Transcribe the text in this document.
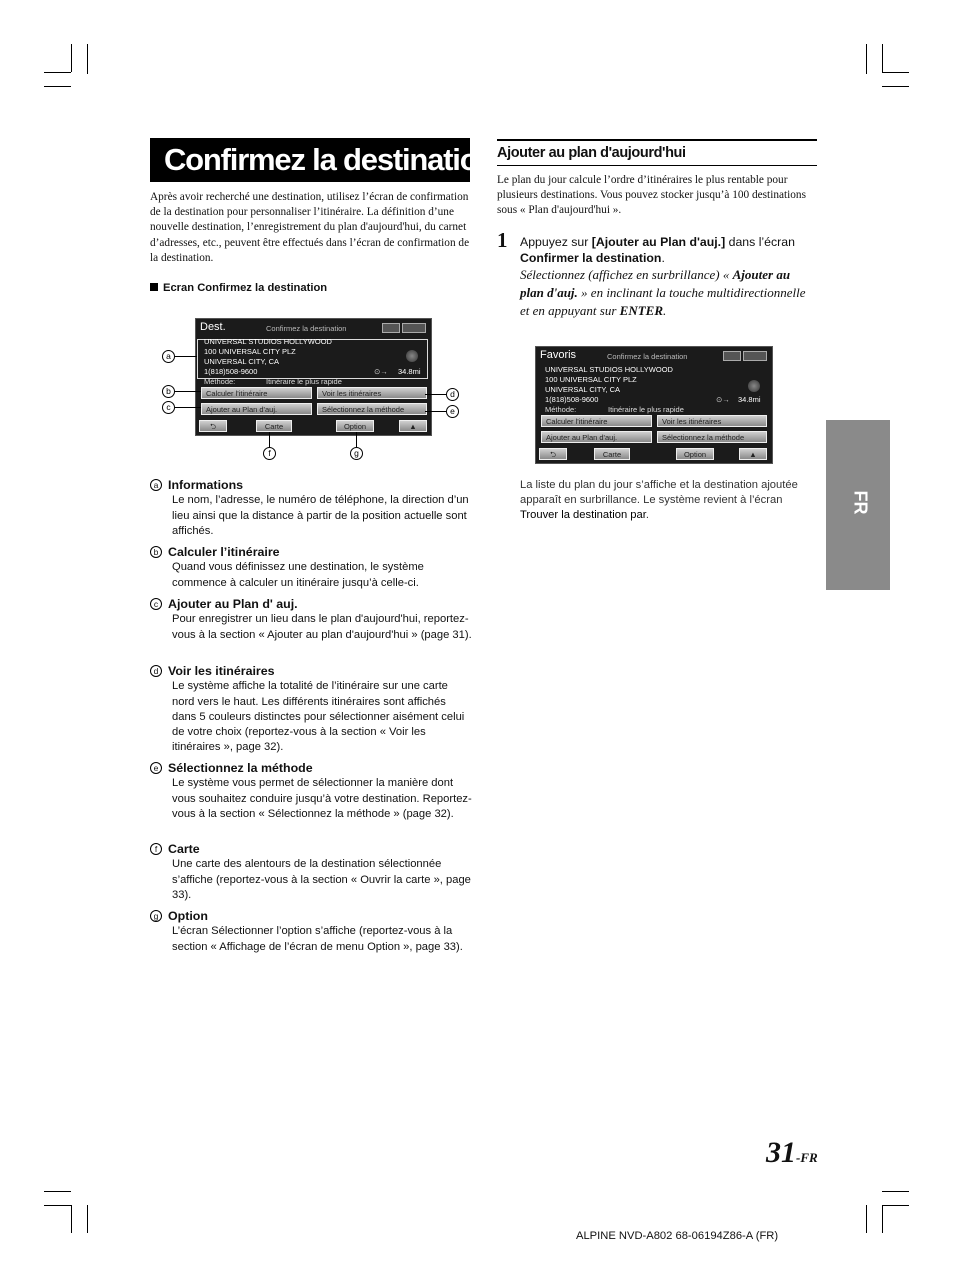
Confirmez la destination
Après avoir recherché une destination, utilisez l’écran de confirmation de la destination pour personnaliser l’itinéraire. La définition d’une nouvelle destination, l’enregistrement du plan d'aujourd'hui, du carnet d’adresses, etc., peuvent être effectués dans l’écran de confirmation de la destination.
Ecran Confirmez la destination
Dest.	Confirmez la destination
UNIVERSAL STUDIOS HOLLYWOOD
100 UNIVERSAL CITY PLZ
UNIVERSAL CITY, CA
1(818)508-9600	⊙→ 34.8mi
Méthode:	Itinéraire le plus rapide
Calculer l'itinéraire	Voir les itinéraires
Ajouter au Plan d'auj.	Sélectionnez la méthode
⮌	Carte	Option	▲
a
b
c
d
e
f	g
a Informations
Le nom, l’adresse, le numéro de téléphone, la direction d’un lieu ainsi que la distance à partir de la position actuelle sont affichés.
b Calculer l’itinéraire
Quand vous définissez une destination, le système commence à calculer un itinéraire jusqu’à celle-ci.
c Ajouter au Plan d' auj.
Pour enregistrer un lieu dans le plan d'aujourd'hui, reportez-vous à la section « Ajouter au plan d'aujourd'hui » (page 31).
d Voir les itinéraires
Le système affiche la totalité de l’itinéraire sur une carte nord vers le haut. Les différents itinéraires sont affichés dans 5 couleurs distinctes pour sélectionner aisément celui de votre choix (reportez-vous à la section « Voir les itinéraires », page 32).
e Sélectionnez la méthode
Le système vous permet de sélectionner la manière dont vous souhaitez conduire jusqu’à votre destination. Reportez-vous à la section « Sélectionnez la méthode » (page 32).
f Carte
Une carte des alentours de la destination sélectionnée s’affiche (reportez-vous à la section « Ouvrir la carte », page 33).
g Option
L’écran Sélectionner l’option s’affiche (reportez-vous à la section « Affichage de l’écran de menu Option », page 33).
Ajouter au plan d'aujourd'hui
Le plan du jour calcule l’ordre d’itinéraires le plus rentable pour plusieurs destinations. Vous pouvez stocker jusqu’à 100 destinations sous « Plan d'aujourd'hui ».
1 Appuyez sur [Ajouter au Plan d'auj.] dans l’écran Confirmer la destination.
Sélectionnez (affichez en surbrillance) « Ajouter au plan d'auj. » en inclinant la touche multidirectionnelle et en appuyant sur ENTER.
Favoris	Confirmez la destination
UNIVERSAL STUDIOS HOLLYWOOD
100 UNIVERSAL CITY PLZ
UNIVERSAL CITY, CA
1(818)508-9600	⊙→ 34.8mi
Méthode:	Itinéraire le plus rapide
Calculer l'itinéraire	Voir les itinéraires
Ajouter au Plan d'auj.	Sélectionnez la méthode
⮌	Carte	Option	▲
La liste du plan du jour s’affiche et la destination ajoutée apparaît en surbrillance. Le système revient à l’écran Trouver la destination par.
FR
31-FR
ALPINE NVD-A802 68-06194Z86-A (FR)
